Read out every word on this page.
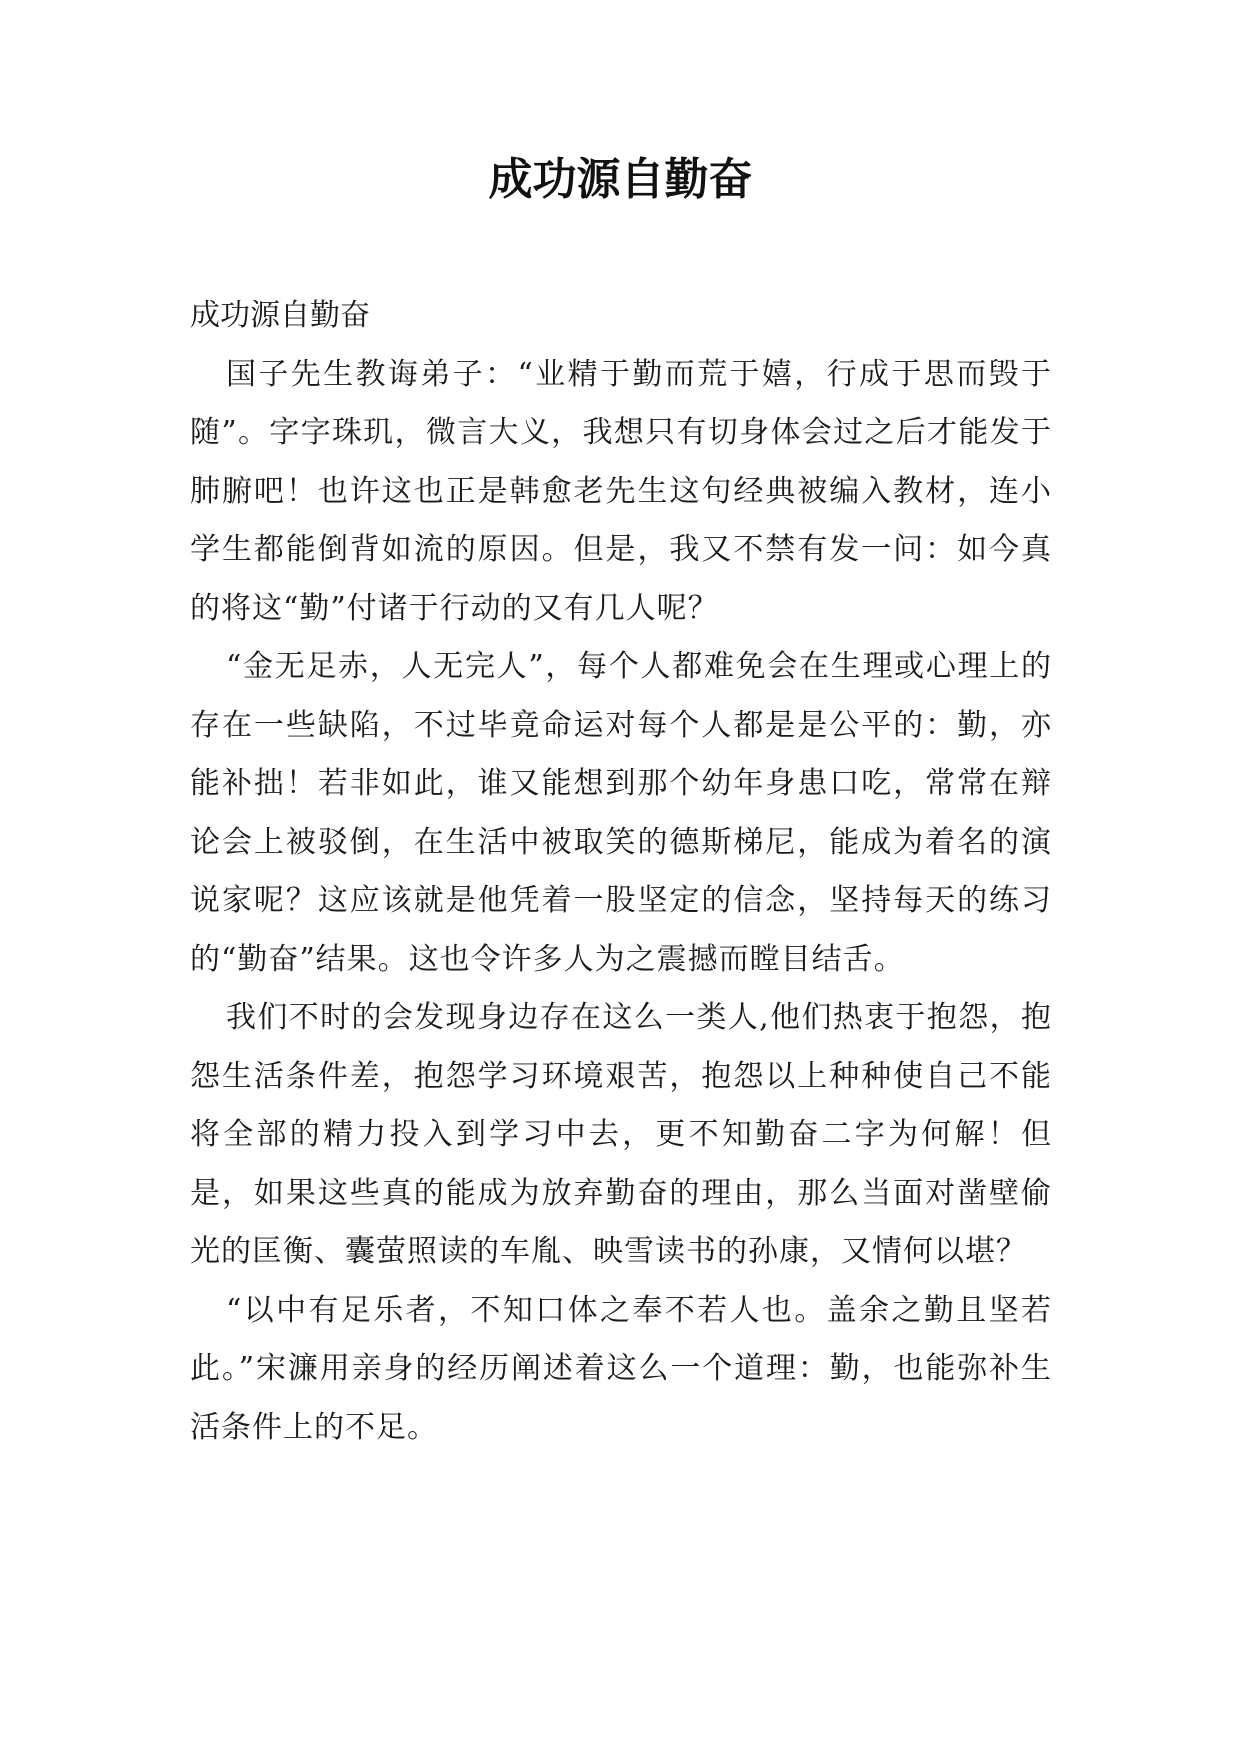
成功源自勤奋

成功源自勤奋

国子先生教诲弟子：“业精于勤而荒于嬉，行成于思而毁于随”。字字珠玑，微言大义，我想只有切身体会过之后才能发于肺腑吧！也许这也正是韩愈老先生这句经典被编入教材，连小学生都能倒背如流的原因。但是，我又不禁有发一问：如今真的将这“勤”付诸于行动的又有几人呢？

“金无足赤，人无完人”，每个人都难免会在生理或心理上的存在一些缺陷，不过毕竟命运对每个人都是是公平的：勤，亦能补拙！若非如此，谁又能想到那个幼年身患口吃，常常在辩论会上被驳倒，在生活中被取笑的德斯梯尼，能成为着名的演说家呢？这应该就是他凭着一股坚定的信念，坚持每天的练习的“勤奋”结果。这也令许多人为之震撼而瞠目结舌。

我们不时的会发现身边存在这么一类人,他们热衷于抱怨，抱怨生活条件差，抱怨学习环境艰苦，抱怨以上种种使自己不能将全部的精力投入到学习中去，更不知勤奋二字为何解！但是，如果这些真的能成为放弃勤奋的理由，那么当面对凿壁偷光的匡衡、囊萤照读的车胤、映雪读书的孙康，又情何以堪？

“以中有足乐者，不知口体之奉不若人也。盖余之勤且坚若此。”宋濂用亲身的经历阐述着这么一个道理：勤，也能弥补生活条件上的不足。
